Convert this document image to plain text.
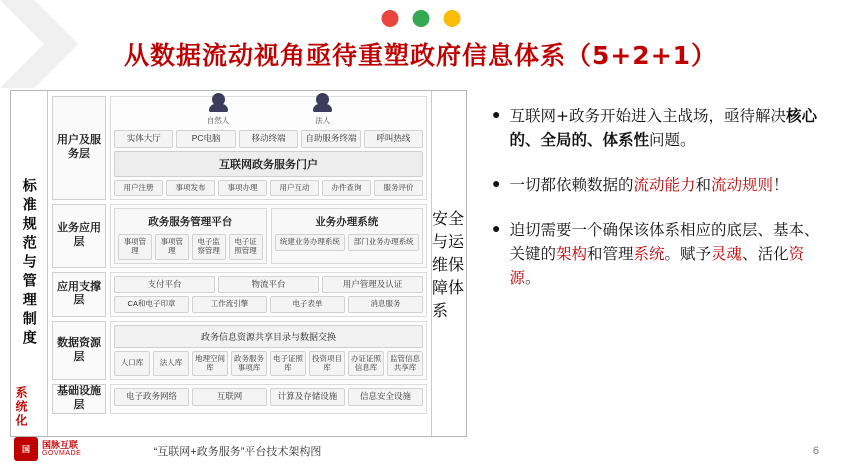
从数据流动视角亟待重塑政府信息体系（5+2+1）
标准规范与管理制度
用户及服务层
自然人	法人
实体大厅	PC电脑	移动终端	自助服务终端	呼叫热线
互联网政务服务门户
用户注册	事项发布	事项办理	用户互动	办件查询	服务评价
业务应用层
政务服务管理平台
事项管理
事项管理
电子监察管理
电子证照管理
业务办理系统
统建业务办理系统	部门业务办理系统
应用支撑层
支付平台	物流平台	用户管理及认证
CA和电子印章	工作流引擎	电子表单	消息服务
数据资源层
政务信息资源共享目录与数据交换
人口库	法人库	地理空间库
政务服务事项库
电子证照库
投资项目库
办证证照信息库
监管信息共享库
基础设施层
电子政务网络	互联网	计算及存储设施	信息安全设施
安全与运维保障体系
系统化
“互联网+政务服务”平台技术架构图
国	国脉互联
GOVMADE
● 互联网+政务开始进入主战场，亟待解决核心的、全局的、体系性问题。
● 一切都依赖数据的流动能力和流动规则！
● 迫切需要一个确保该体系相应的底层、基本、关键的架构和管理系统。赋予灵魂、活化资源。
6
